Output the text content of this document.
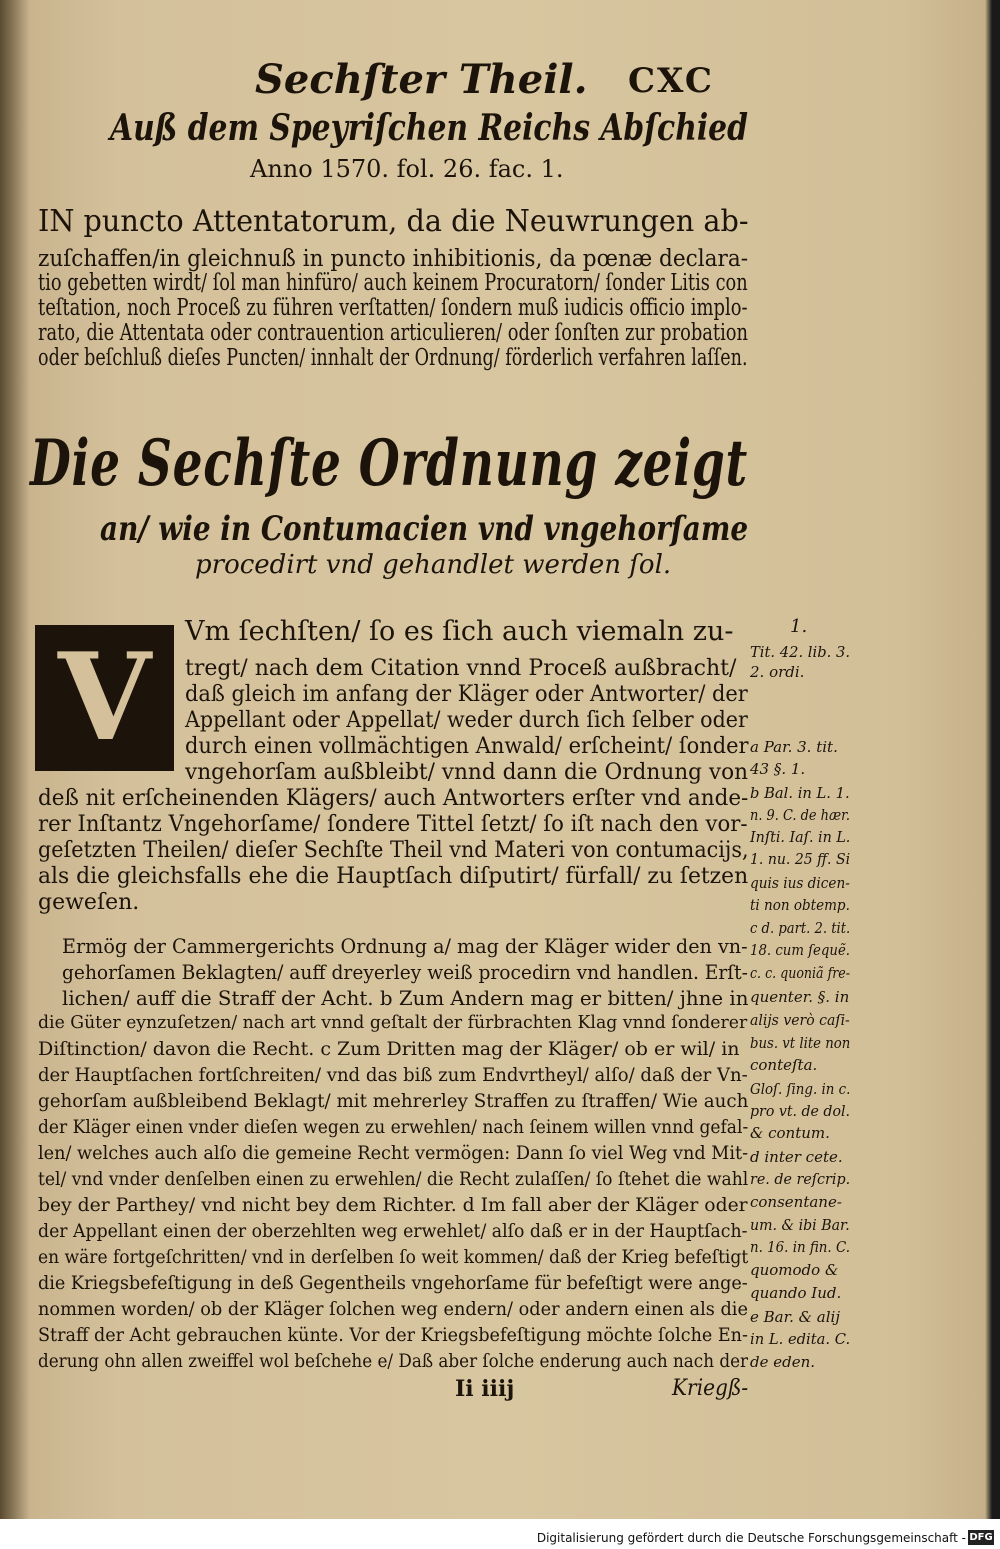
Sechſter Theil. CXC
Auß dem Speyriſchen Reichs Abſchied
Anno 1570. fol. 26. fac. 1.
IN puncto Attentatorum, da die Neuwrungen ab-
zuſchaffen/in gleichnuß in puncto inhibitionis, da pœnæ declara-
tio gebetten wirdt/ ſol man hinfüro/ auch keinem Procuratorn/ ſonder Litis con
teſtation, noch Proceß zu führen verſtatten/ ſondern muß iudicis officio implo-
rato, die Attentata oder contrauention articulieren/ oder ſonſten zur probation
oder beſchluß dieſes Puncten/ innhalt der Ordnung/ förderlich verfahren laſſen.
Die Sechſte Ordnung zeigt
an/ wie in Contumacien vnd vngehorſame
procedirt vnd gehandlet werden ſol.
V Vm ſechſten/ ſo es ſich auch viemaln zu-
tregt/ nach dem Citation vnnd Proceß außbracht/
daß gleich im anfang der Kläger oder Antworter/ der
Appellant oder Appellat/ weder durch ſich ſelber oder
durch einen vollmächtigen Anwald/ erſcheint/ ſonder
vngehorſam außbleibt/ vnnd dann die Ordnung von
deß nit erſcheinenden Klägers/ auch Antworters erſter vnd ande-
rer Inſtantz Vngehorſame/ ſondere Tittel ſetzt/ ſo iſt nach den vor-
geſetzten Theilen/ dieſer Sechſte Theil vnd Materi von contumacijs,
als die gleichsfalls ehe die Hauptſach diſputirt/ fürfall/ zu ſetzen
geweſen.
Ermög der Cammergerichts Ordnung a/ mag der Kläger wider den vn-
gehorſamen Beklagten/ auff dreyerley weiß procedirn vnd handlen. Erſt-
lichen/ auff die Straff der Acht. b Zum Andern mag er bitten/ jhne in
die Güter eynzuſetzen/ nach art vnnd geſtalt der fürbrachten Klag vnnd ſonderer
Diſtinction/ davon die Recht. c Zum Dritten mag der Kläger/ ob er wil/ in
der Hauptſachen fortſchreiten/ vnd das biß zum Endvrtheyl/ alſo/ daß der Vn-
gehorſam außbleibend Beklagt/ mit mehrerley Straffen zu ſtraffen/ Wie auch
der Kläger einen vnder dieſen wegen zu erwehlen/ nach ſeinem willen vnnd gefal-
len/ welches auch alſo die gemeine Recht vermögen: Dann ſo viel Weg vnd Mit-
tel/ vnd vnder denſelben einen zu erwehlen/ die Recht zulaſſen/ ſo ſtehet die wahl
bey der Parthey/ vnd nicht bey dem Richter. d Im fall aber der Kläger oder
der Appellant einen der oberzehlten weg erwehlet/ alſo daß er in der Hauptſach-
en wäre fortgeſchritten/ vnd in derſelben ſo weit kommen/ daß der Krieg befeſtigt
die Kriegsbefeſtigung in deß Gegentheils vngehorſame für befeſtigt were ange-
nommen worden/ ob der Kläger ſolchen weg endern/ oder andern einen als die
Straff der Acht gebrauchen künte. Vor der Kriegsbefeſtigung möchte ſolche En-
derung ohn allen zweiffel wol beſchehe e/ Daß aber ſolche enderung auch nach der
Ii iiij	Kriegß-
1.
Tit. 42. lib. 3.
2. ordi.
a Par. 3. tit.
43 §. 1.
b Bal. in L. 1.
n. 9. C. de hær.
Inſti. Iaſ. in L.
1. nu. 25 ff. Si
quis ius dicen-
ti non obtemp.
c d. part. 2. tit.
18. cum ſequẽ.
c. c. quoniã fre-
quenter. §. in
alijs verò caſi-
bus. vt lite non
conteſta.
Gloſ. ſing. in c.
pro vt. de dol.
& contum.
d inter cete.
re. de reſcrip.
consentane-
um. & ibi Bar.
n. 16. in fin. C.
quomodo &
quando Iud.
e Bar. & alij
in L. edita. C.
de eden.
Digitalisierung gefördert durch die Deutsche Forschungsgemeinschaft - DFG
